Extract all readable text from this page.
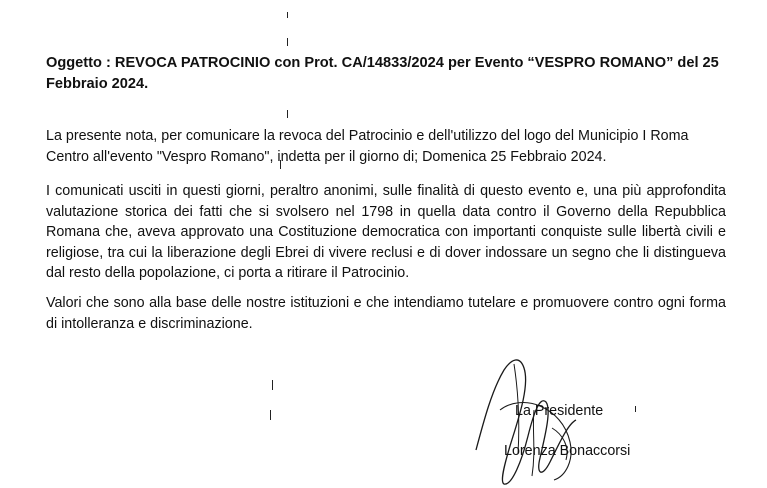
Oggetto : REVOCA PATROCINIO con Prot. CA/14833/2024 per Evento “VESPRO ROMANO” del 25 Febbraio 2024.

La presente nota, per comunicare la revoca del Patrocinio e dell'utilizzo del logo del Municipio I Roma Centro all'evento "Vespro Romano", indetta per il giorno di; Domenica 25 Febbraio 2024.

I comunicati usciti in questi giorni, peraltro anonimi, sulle finalità di questo evento e, una più approfondita valutazione storica dei fatti che si svolsero nel 1798 in quella data contro il Governo della Repubblica Romana che, aveva approvato una Costituzione democratica con importanti conquiste sulle libertà civili e religiose, tra cui la liberazione degli Ebrei di vivere reclusi e di dover indossare un segno che li distingueva dal resto della popolazione, ci porta a ritirare il Patrocinio.

Valori che sono alla base delle nostre istituzioni e che intendiamo tutelare e promuovere contro ogni forma di intolleranza e discriminazione.

La Presidente

Lorenza Bonaccorsi
